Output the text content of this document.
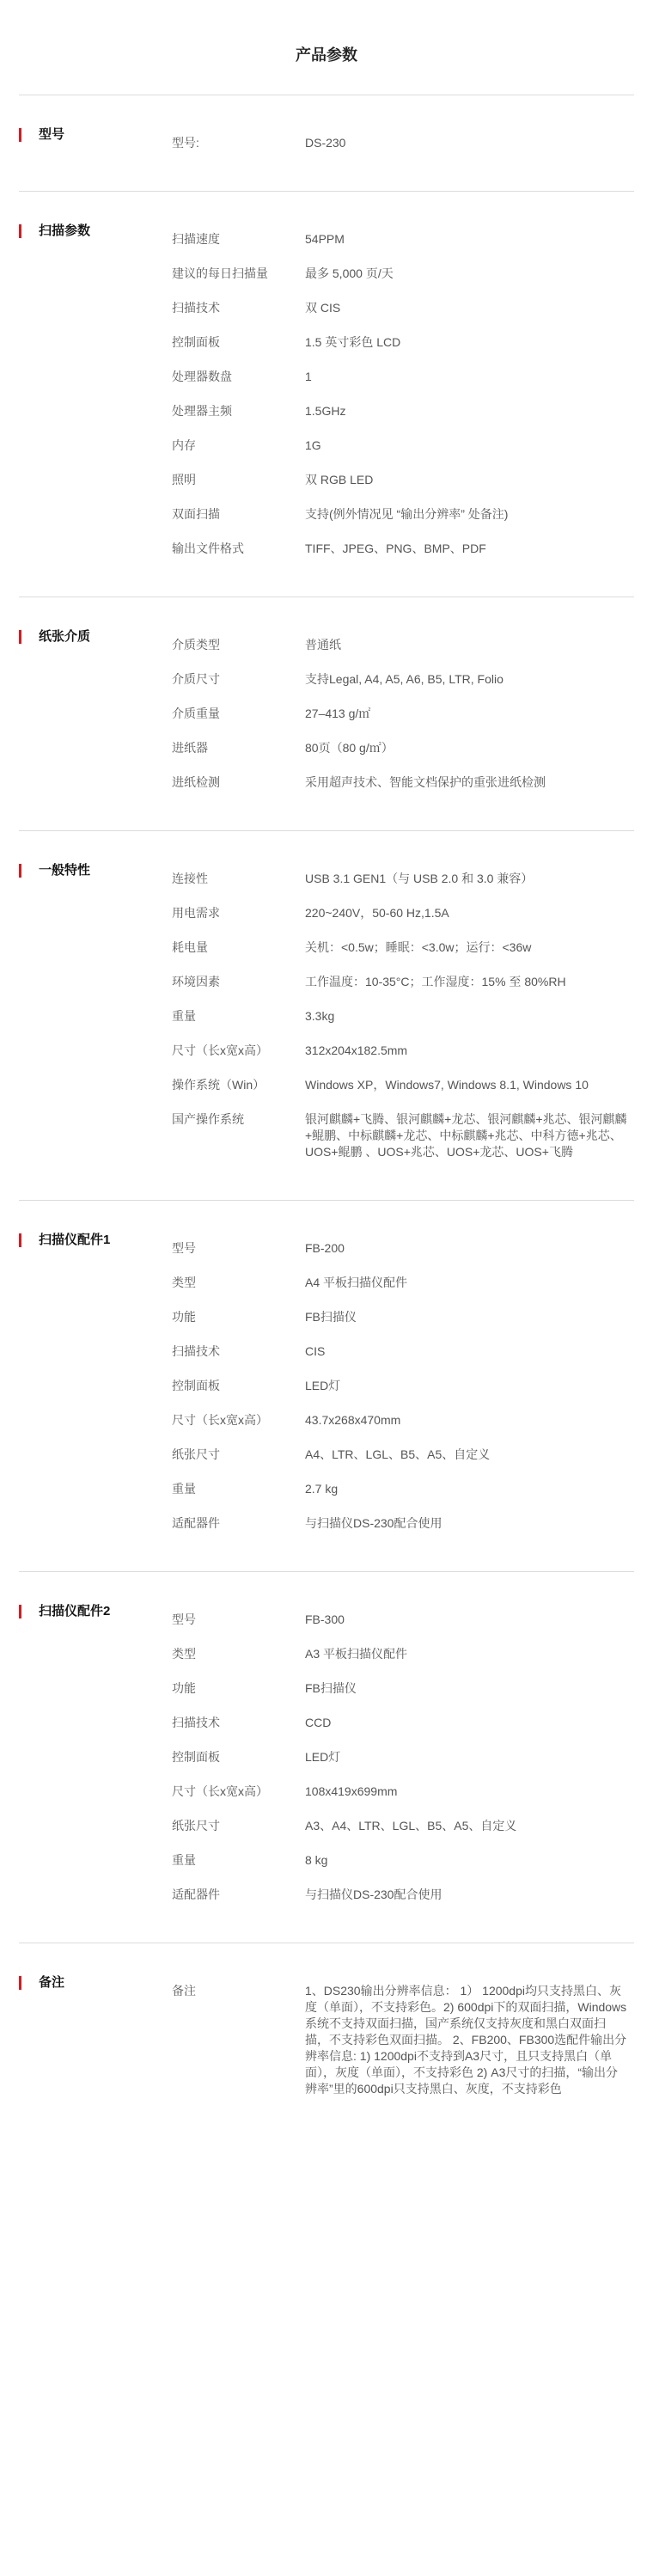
产品参数
型号
型号:	DS-230
扫描参数
扫描速度	54PPM
建议的每日扫描量	最多 5,000 页/天
扫描技术	双 CIS
控制面板	1.5 英寸彩色 LCD
处理器数盘	1
处理器主频	1.5GHz
内存	1G
照明	双 RGB LED
双面扫描	支持(例外情况见 “输出分辨率” 处备注)
输出文件格式	TIFF、JPEG、PNG、BMP、PDF
纸张介质
介质类型	普通纸
介质尺寸	支持Legal, A4, A5, A6, B5, LTR, Folio
介质重量	27–413 g/㎡
进纸器	80页（80 g/㎡）
进纸检测	采用超声技术、智能文档保护的重张进纸检测
一般特性
连接性	USB 3.1 GEN1（与 USB 2.0 和 3.0 兼容）
用电需求	220~240V，50-60 Hz,1.5A
耗电量	关机：<0.5w；睡眠：<3.0w；运行：<36w
环境因素	工作温度：10-35°C；工作湿度：15% 至 80%RH
重量	3.3kg
尺寸（长x宽x高）	312x204x182.5mm
操作系统（Win）	Windows XP，Windows7, Windows 8.1, Windows 10
国产操作系统	银河麒麟+飞腾、银河麒麟+龙芯、银河麒麟+兆芯、银河麒麟+鲲鹏、中标麒麟+龙芯、中标麒麟+兆芯、中科方德+兆芯、UOS+鲲鹏 、UOS+兆芯、UOS+龙芯、UOS+飞腾
扫描仪配件1
型号	FB-200
类型	A4 平板扫描仪配件
功能	FB扫描仪
扫描技术	CIS
控制面板	LED灯
尺寸（长x宽x高）	43.7x268x470mm
纸张尺寸	A4、LTR、LGL、B5、A5、自定义
重量	2.7 kg
适配器件	与扫描仪DS-230配合使用
扫描仪配件2
型号	FB-300
类型	A3 平板扫描仪配件
功能	FB扫描仪
扫描技术	CCD
控制面板	LED灯
尺寸（长x宽x高）	108x419x699mm
纸张尺寸	A3、A4、LTR、LGL、B5、A5、自定义
重量	8 kg
适配器件	与扫描仪DS-230配合使用
备注
备注	1、DS230输出分辨率信息： 1） 1200dpi均只支持黑白、灰度（单面），不支持彩色。2) 600dpi下的双面扫描，Windows系统不支持双面扫描，国产系统仅支持灰度和黑白双面扫描，不支持彩色双面扫描。 2、FB200、FB300选配件输出分辨率信息: 1) 1200dpi不支持到A3尺寸，且只支持黑白（单面），灰度（单面），不支持彩色 2) A3尺寸的扫描，“输出分辨率”里的600dpi只支持黑白、灰度，不支持彩色
